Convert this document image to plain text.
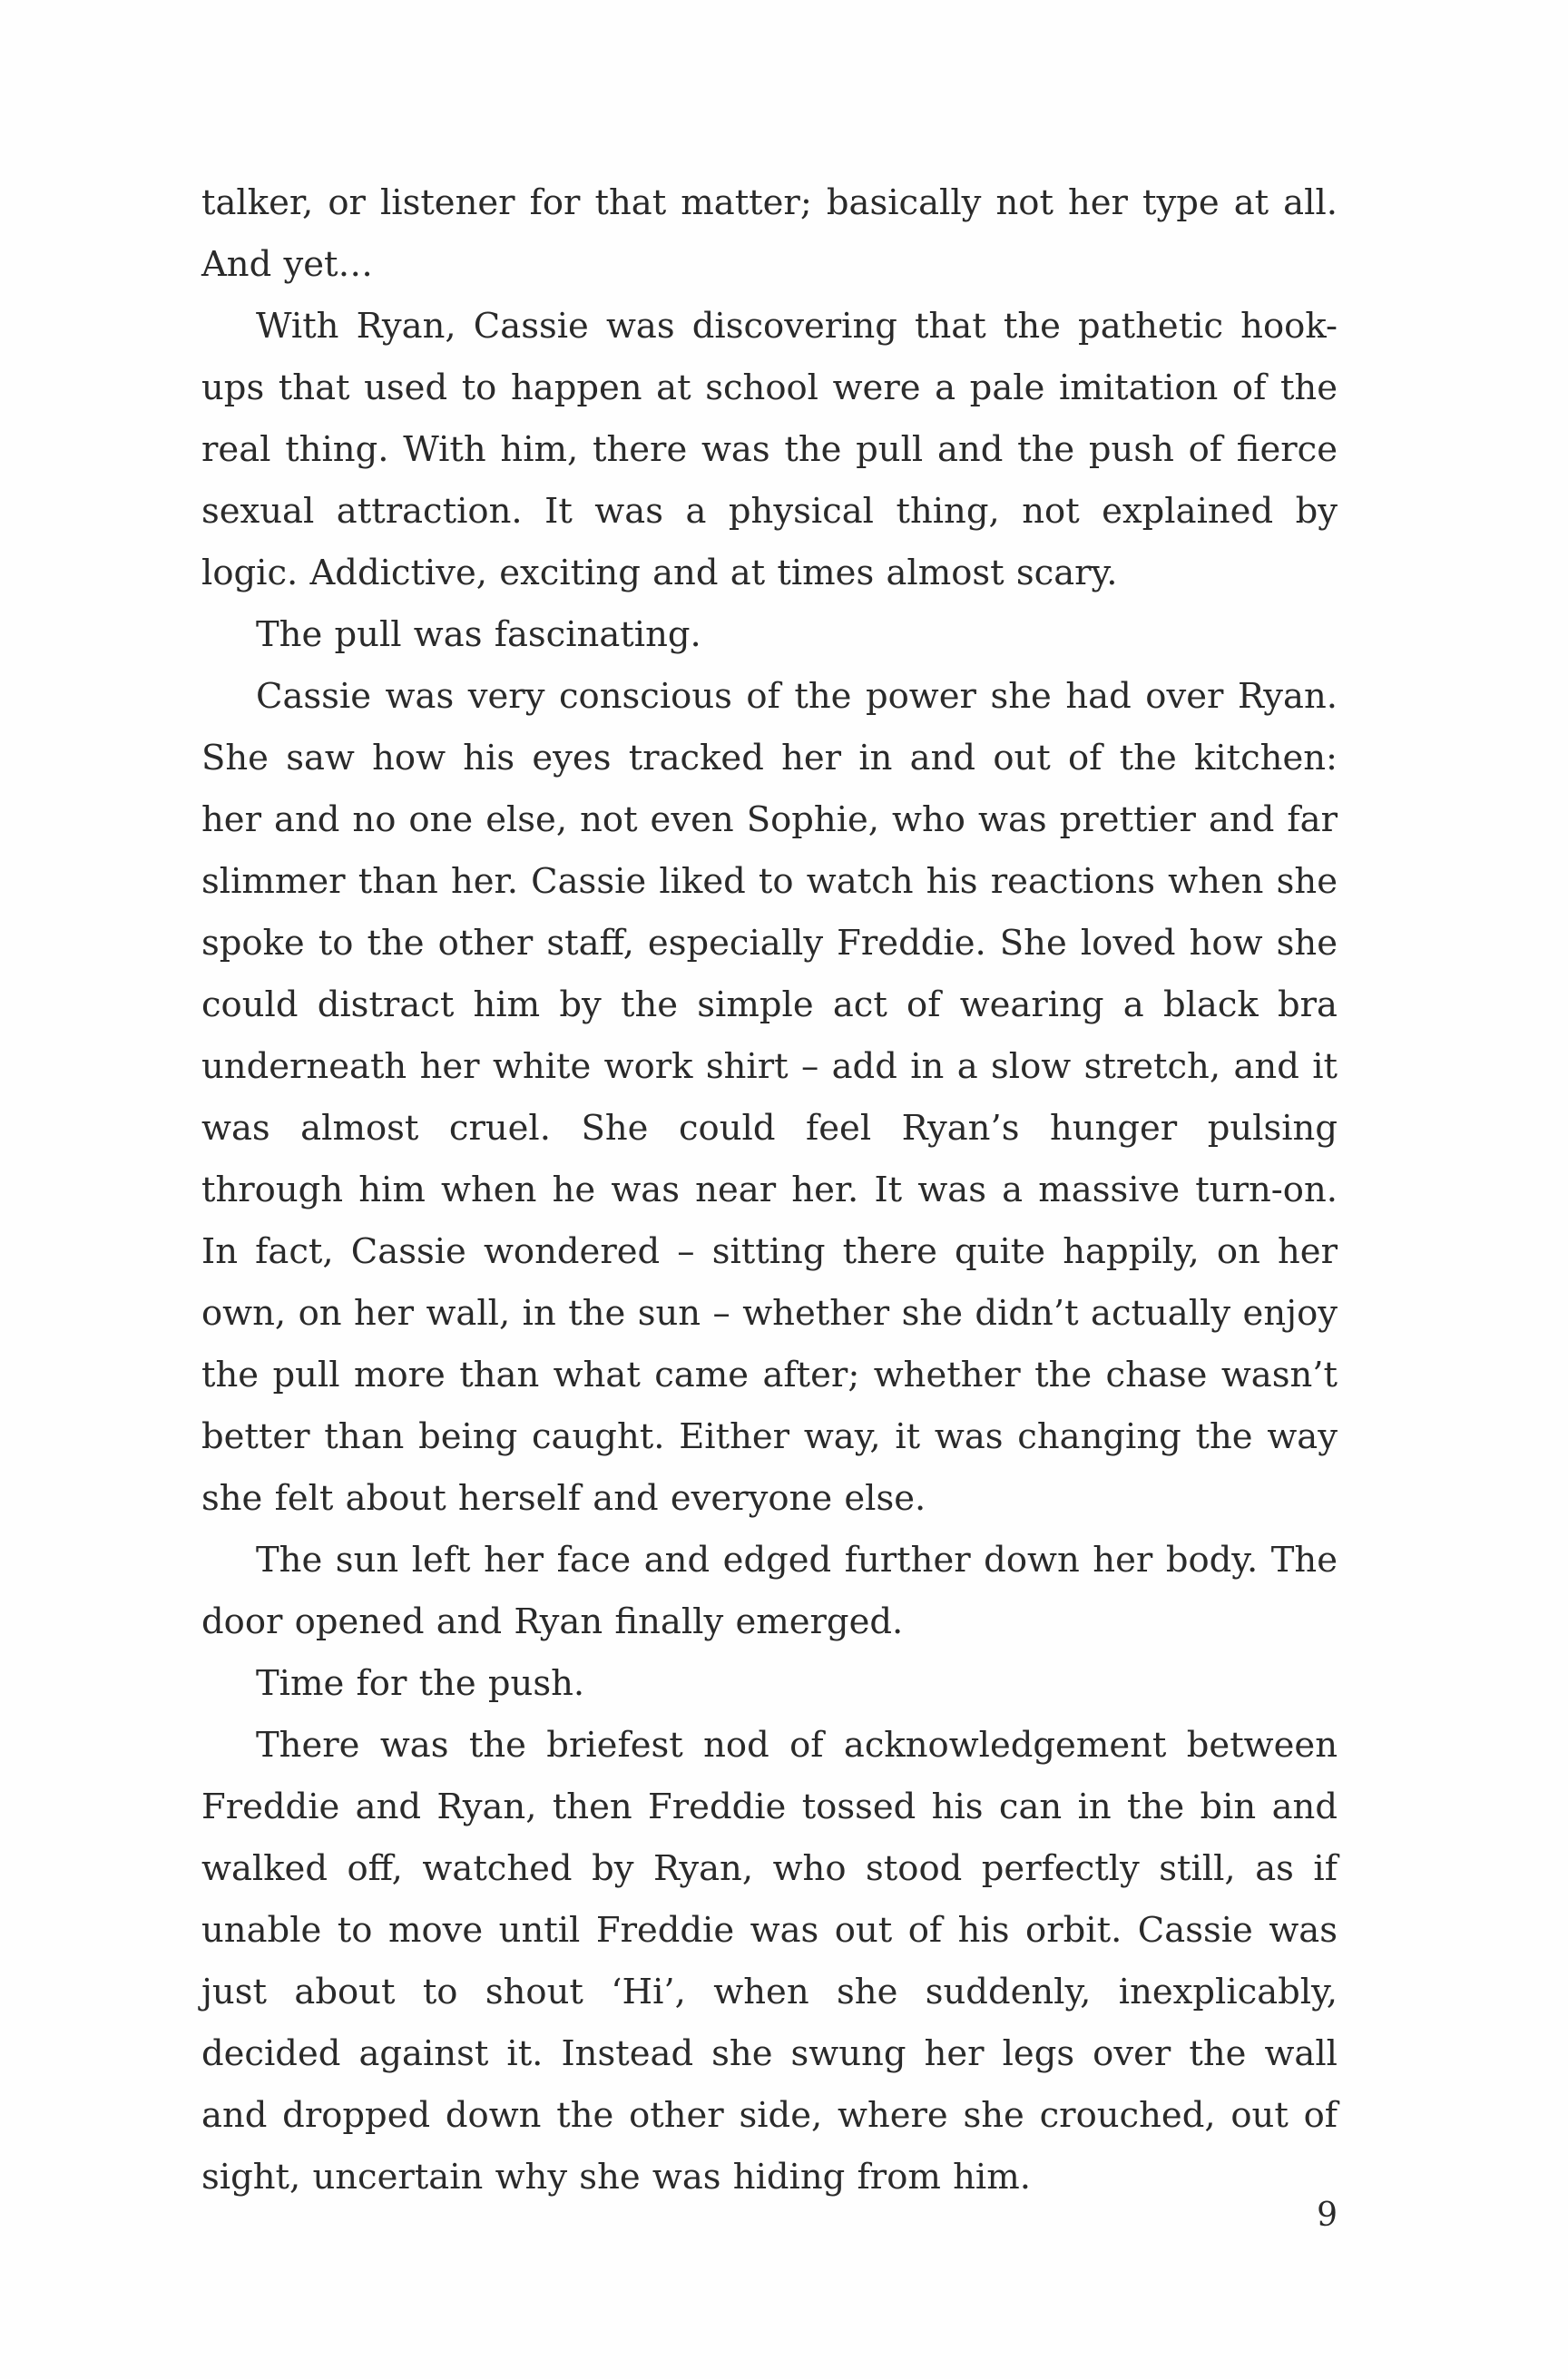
talker, or listener for that matter; basically not her type at all. And yet…

With Ryan, Cassie was discovering that the pathetic hook-ups that used to happen at school were a pale imitation of the real thing. With him, there was the pull and the push of fierce sexual attraction. It was a physical thing, not explained by logic. Addictive, exciting and at times almost scary.

The pull was fascinating.

Cassie was very conscious of the power she had over Ryan. She saw how his eyes tracked her in and out of the kitchen: her and no one else, not even Sophie, who was prettier and far slimmer than her. Cassie liked to watch his reactions when she spoke to the other staff, especially Freddie. She loved how she could distract him by the simple act of wearing a black bra underneath her white work shirt – add in a slow stretch, and it was almost cruel. She could feel Ryan’s hunger pulsing through him when he was near her. It was a massive turn-on. In fact, Cassie wondered – sitting there quite happily, on her own, on her wall, in the sun – whether she didn’t actually enjoy the pull more than what came after; whether the chase wasn’t better than being caught. Either way, it was changing the way she felt about herself and everyone else.

The sun left her face and edged further down her body. The door opened and Ryan finally emerged.

Time for the push.

There was the briefest nod of acknowledgement between Freddie and Ryan, then Freddie tossed his can in the bin and walked off, watched by Ryan, who stood perfectly still, as if unable to move until Freddie was out of his orbit. Cassie was just about to shout ‘Hi’, when she suddenly, inexplicably, decided against it. Instead she swung her legs over the wall and dropped down the other side, where she crouched, out of sight, uncertain why she was hiding from him.

9
